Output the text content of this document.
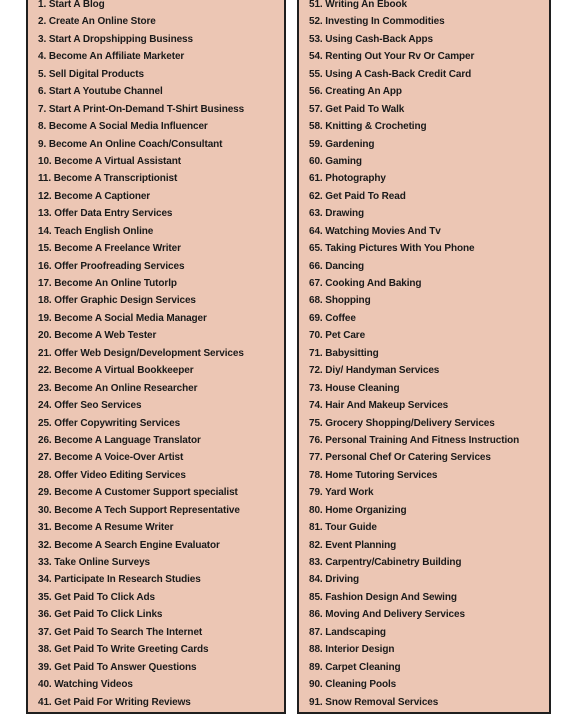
1. Start A Blog
2. Create An Online Store
3. Start A Dropshipping Business
4. Become An Affiliate Marketer
5. Sell Digital Products
6. Start A Youtube Channel
7. Start A Print-On-Demand T-Shirt Business
8. Become A Social Media Influencer
9. Become An Online Coach/Consultant
10. Become A Virtual Assistant
11. Become A Transcriptionist
12. Become A Captioner
13. Offer Data Entry Services
14. Teach English Online
15. Become A Freelance Writer
16. Offer Proofreading Services
17. Become An Online Tutorlp
18. Offer Graphic Design Services
19. Become A Social Media Manager
20. Become A Web Tester
21. Offer Web Design/Development Services
22. Become A Virtual Bookkeeper
23. Become An Online Researcher
24. Offer Seo Services
25. Offer Copywriting Services
26. Become A Language Translator
27. Become A Voice-Over Artist
28. Offer Video Editing Services
29. Become A Customer Support specialist
30. Become A Tech Support Representative
31. Become A Resume Writer
32. Become A Search Engine Evaluator
33. Take Online Surveys
34. Participate In Research Studies
35. Get Paid To Click Ads
36. Get Paid To Click Links
37. Get Paid To Search The Internet
38. Get Paid To Write Greeting Cards
39. Get Paid To Answer Questions
40. Watching Videos
41. Get Paid For Writing Reviews
51. Writing An Ebook
52. Investing In Commodities
53. Using Cash-Back Apps
54. Renting Out Your Rv Or Camper
55. Using A Cash-Back Credit Card
56. Creating An App
57. Get Paid To Walk
58. Knitting & Crocheting
59. Gardening
60. Gaming
61. Photography
62. Get Paid To Read
63. Drawing
64. Watching Movies And Tv
65. Taking Pictures With You Phone
66. Dancing
67. Cooking And Baking
68. Shopping
69. Coffee
70. Pet Care
71. Babysitting
72. Diy/ Handyman Services
73. House Cleaning
74. Hair And Makeup Services
75. Grocery Shopping/Delivery Services
76. Personal Training And Fitness Instruction
77. Personal Chef Or Catering Services
78. Home Tutoring Services
79. Yard Work
80. Home Organizing
81. Tour Guide
82. Event Planning
83. Carpentry/Cabinetry Building
84. Driving
85. Fashion Design And Sewing
86. Moving And Delivery Services
87. Landscaping
88. Interior Design
89. Carpet Cleaning
90. Cleaning Pools
91. Snow Removal Services
